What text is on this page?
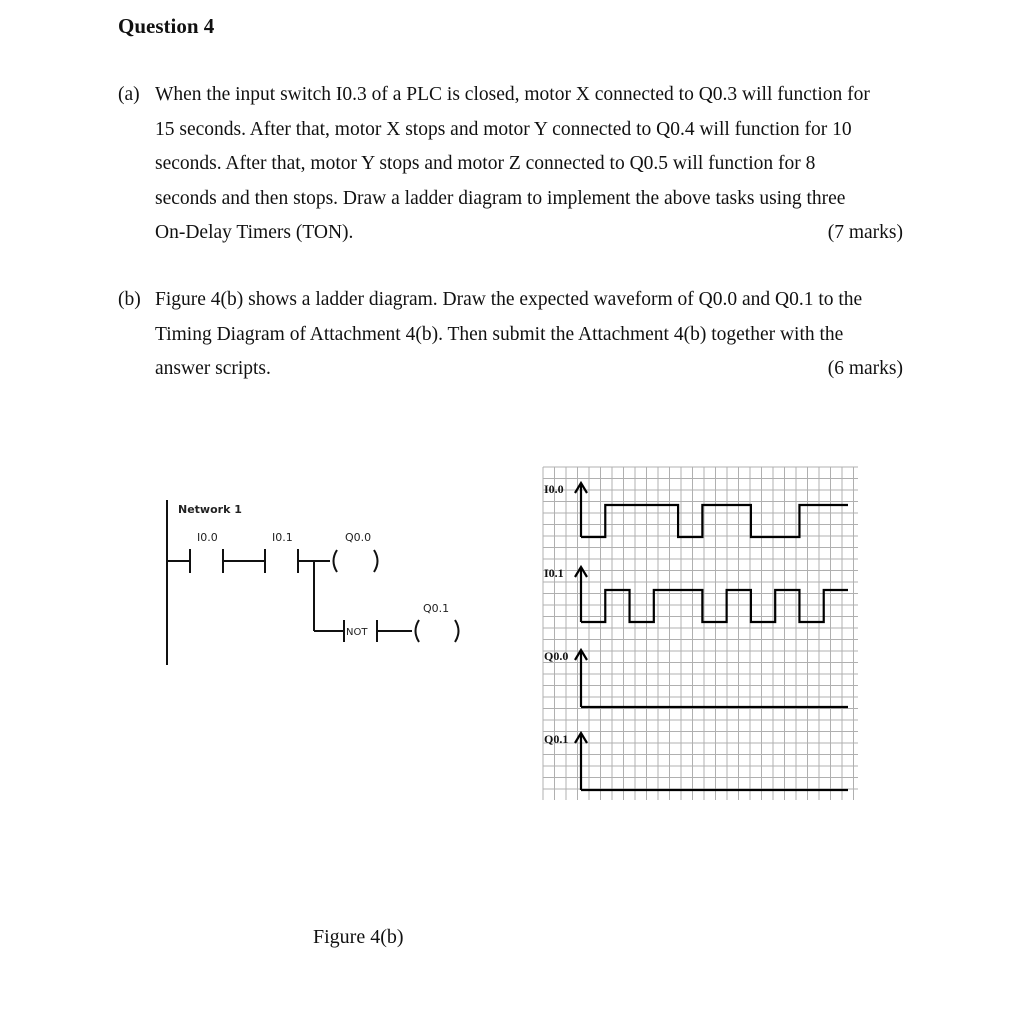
Question 4
(a) When the input switch I0.3 of a PLC is closed, motor X connected to Q0.3 will function for

15 seconds. After that, motor X stops and motor Y connected to Q0.4 will function for 10

seconds. After that, motor Y stops and motor Z connected to Q0.5 will function for 8

seconds and then stops. Draw a ladder diagram to implement the above tasks using three

On-Delay Timers (TON).	(7 marks)
(b) Figure 4(b) shows a ladder diagram. Draw the expected waveform of Q0.0 and Q0.1 to the

Timing Diagram of Attachment 4(b). Then submit the Attachment 4(b) together with the

answer scripts.	(6 marks)
Network 1
I0.0	I0.1	Q0.0
Q0.1
NOT
I0.0
I0.1
Q0.0
Q0.1
Figure 4(b)
